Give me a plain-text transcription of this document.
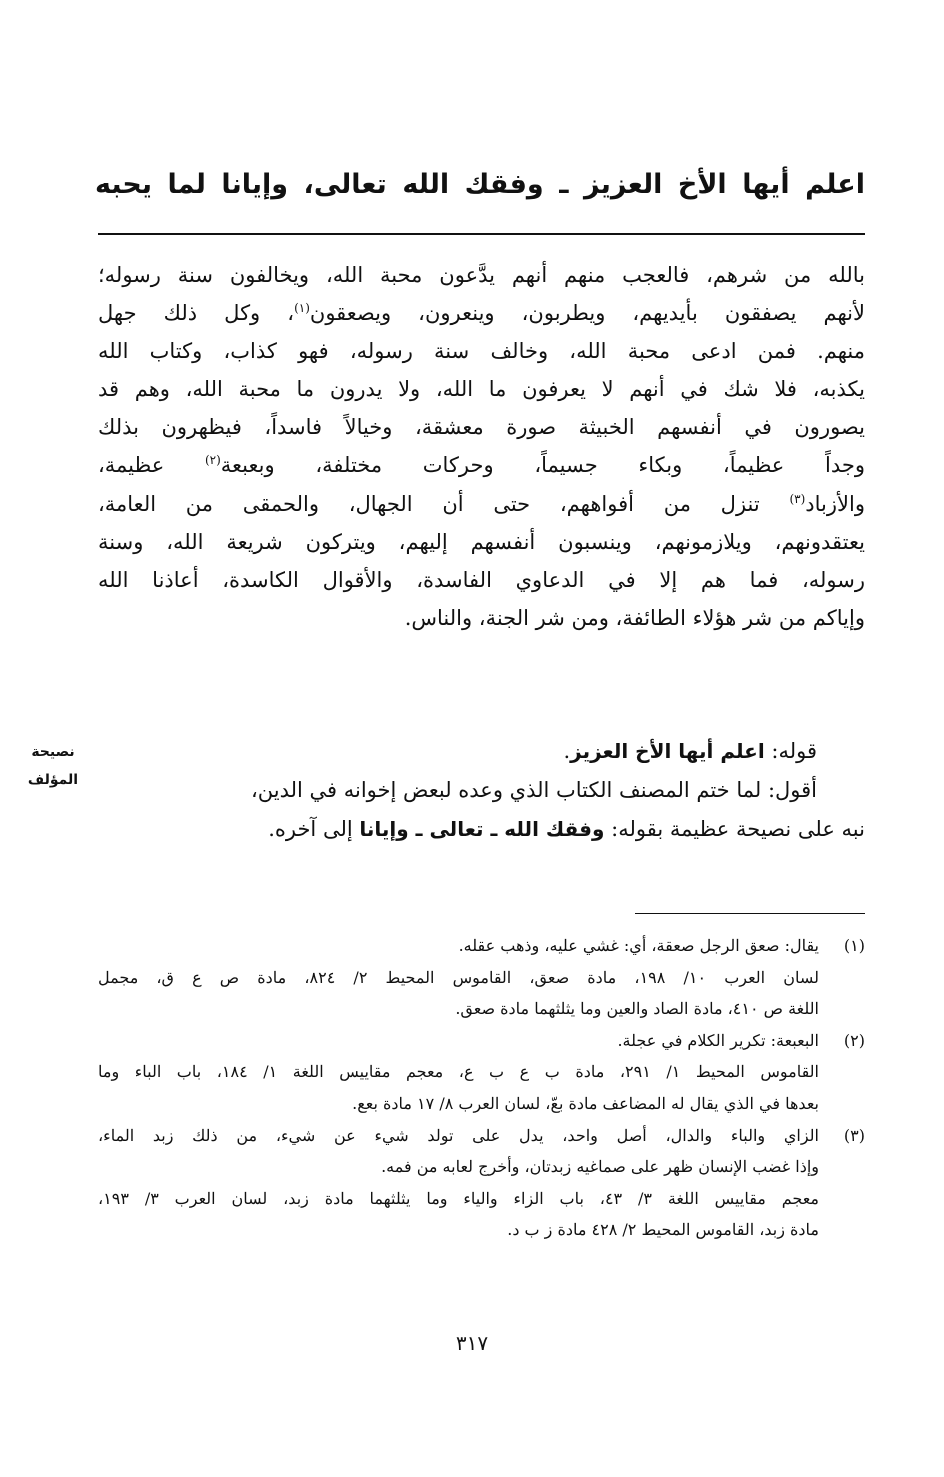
اعلم أيها الأخ العزيز ـ وفقك الله تعالى، وإيانا لما يحبه
بالله من شرهم، فالعجب منهم أنهم يدَّعون محبة الله، ويخالفون سنة رسوله؛
لأنهم يصفقون بأيديهم، ويطربون، وينعرون، ويصعقون$^{(١)}$، وكل ذلك جهل
منهم. فمن ادعى محبة الله، وخالف سنة رسوله، فهو كذاب، وكتاب الله
يكذبه، فلا شك في أنهم لا يعرفون ما الله، ولا يدرون ما محبة الله، وهم قد
يصورون في أنفسهم الخبيثة صورة معشقة، وخيالاً فاسداً، فيظهرون بذلك
وجداً عظيماً، وبكاء جسيماً، وحركات مختلفة، وبعبعة$^{(٢)}$ عظيمة،
والأزباد$^{(٣)}$ تنزل من أفواههم، حتى أن الجهال، والحمقى من العامة،
يعتقدونهم، ويلازمونهم، وينسبون أنفسهم إليهم، ويتركون شريعة الله، وسنة
رسوله، فما هم إلا في الدعاوي الفاسدة، والأقوال الكاسدة، أعاذنا الله
وإياكم من شر هؤلاء الطائفة، ومن شر الجنة، والناس.
نصيحة
المؤلف
قوله: اعلم أيها الأخ العزيز.
أقول: لما ختم المصنف الكتاب الذي وعده لبعض إخوانه في الدين،
نبه على نصيحة عظيمة بقوله: وفقك الله ـ تعالى ـ وإيانا إلى آخره.
(١)
يقال: صعق الرجل صعقة، أي: غشي عليه، وذهب عقله.
لسان العرب ١٠/ ١٩٨، مادة صعق، القاموس المحيط ٢/ ٨٢٤، مادة ص ع ق، مجمل
اللغة ص ٤١٠، مادة الصاد والعين وما يثلثهما مادة صعق.
(٢)
البعبعة: تكرير الكلام في عجلة.
القاموس المحيط ١/ ٢٩١، مادة ب ع ب ع، معجم مقاييس اللغة ١/ ١٨٤، باب الباء وما
بعدها في الذي يقال له المضاعف مادة بعّ، لسان العرب ٨/ ١٧ مادة بعع.
(٣)
الزاي والباء والدال، أصل واحد، يدل على تولد شيء عن شيء، من ذلك زبد الماء،
وإذا غضب الإنسان ظهر على صماغيه زبدتان، وأخرج لعابه من فمه.
معجم مقاييس اللغة ٣/ ٤٣، باب الزاء والياء وما يثلثهما مادة زبد، لسان العرب ٣/ ١٩٣،
مادة زبد، القاموس المحيط ٢/ ٤٢٨ مادة ز ب د.
٣١٧
